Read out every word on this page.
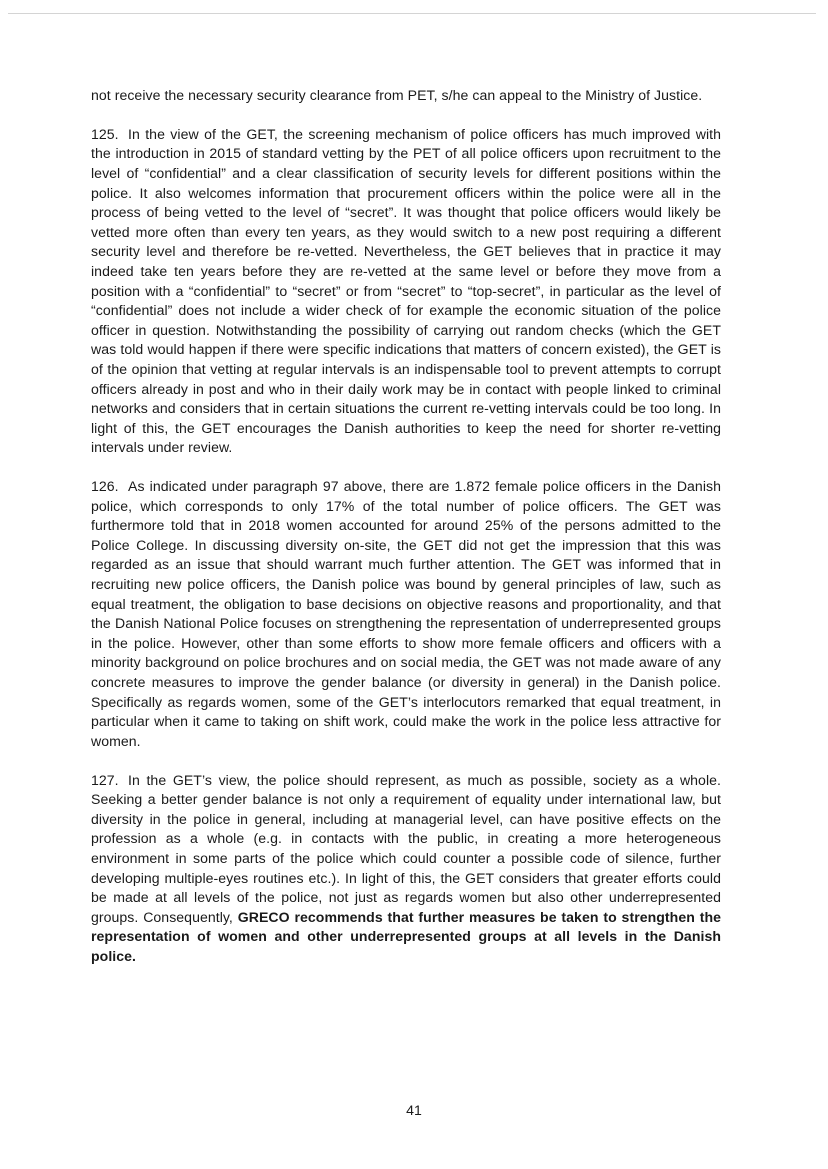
not receive the necessary security clearance from PET, s/he can appeal to the Ministry of Justice.

125. In the view of the GET, the screening mechanism of police officers has much improved with the introduction in 2015 of standard vetting by the PET of all police officers upon recruitment to the level of “confidential” and a clear classification of security levels for different positions within the police. It also welcomes information that procurement officers within the police were all in the process of being vetted to the level of “secret”. It was thought that police officers would likely be vetted more often than every ten years, as they would switch to a new post requiring a different security level and therefore be re-vetted. Nevertheless, the GET believes that in practice it may indeed take ten years before they are re-vetted at the same level or before they move from a position with a “confidential” to “secret” or from “secret” to “top-secret”, in particular as the level of “confidential” does not include a wider check of for example the economic situation of the police officer in question. Notwithstanding the possibility of carrying out random checks (which the GET was told would happen if there were specific indications that matters of concern existed), the GET is of the opinion that vetting at regular intervals is an indispensable tool to prevent attempts to corrupt officers already in post and who in their daily work may be in contact with people linked to criminal networks and considers that in certain situations the current re-vetting intervals could be too long. In light of this, the GET encourages the Danish authorities to keep the need for shorter re-vetting intervals under review.

126. As indicated under paragraph 97 above, there are 1.872 female police officers in the Danish police, which corresponds to only 17% of the total number of police officers. The GET was furthermore told that in 2018 women accounted for around 25% of the persons admitted to the Police College. In discussing diversity on-site, the GET did not get the impression that this was regarded as an issue that should warrant much further attention. The GET was informed that in recruiting new police officers, the Danish police was bound by general principles of law, such as equal treatment, the obligation to base decisions on objective reasons and proportionality, and that the Danish National Police focuses on strengthening the representation of underrepresented groups in the police. However, other than some efforts to show more female officers and officers with a minority background on police brochures and on social media, the GET was not made aware of any concrete measures to improve the gender balance (or diversity in general) in the Danish police. Specifically as regards women, some of the GET’s interlocutors remarked that equal treatment, in particular when it came to taking on shift work, could make the work in the police less attractive for women.

127. In the GET’s view, the police should represent, as much as possible, society as a whole. Seeking a better gender balance is not only a requirement of equality under international law, but diversity in the police in general, including at managerial level, can have positive effects on the profession as a whole (e.g. in contacts with the public, in creating a more heterogeneous environment in some parts of the police which could counter a possible code of silence, further developing multiple-eyes routines etc.). In light of this, the GET considers that greater efforts could be made at all levels of the police, not just as regards women but also other underrepresented groups. Consequently, GRECO recommends that further measures be taken to strengthen the representation of women and other underrepresented groups at all levels in the Danish police.

41
